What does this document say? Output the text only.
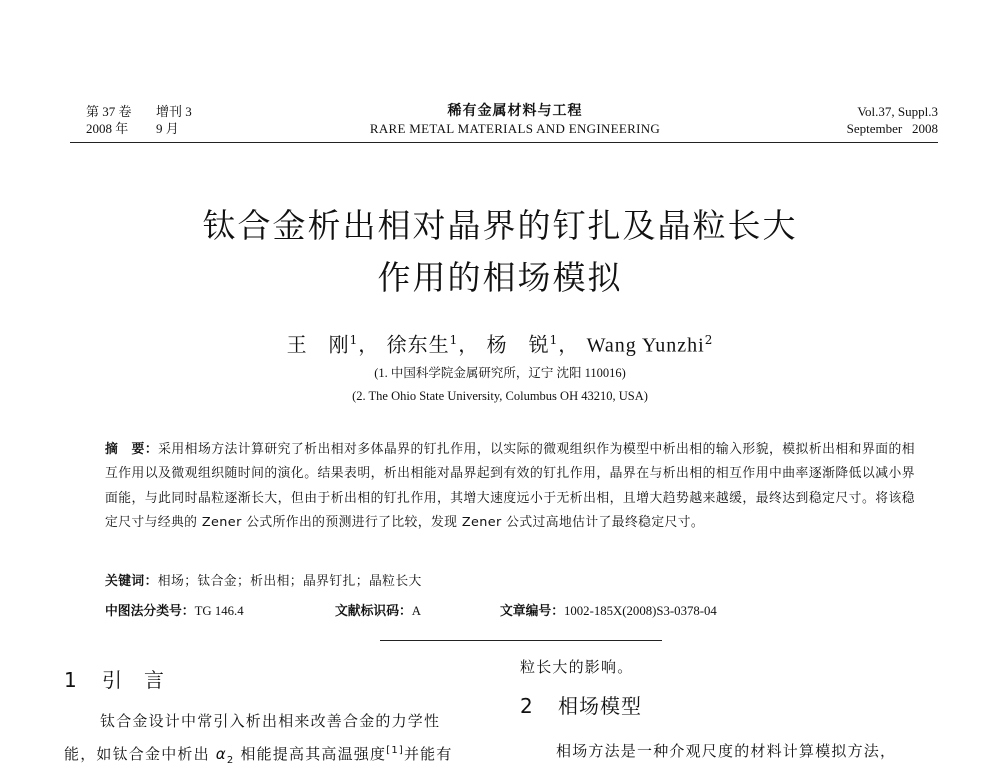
第 37 卷 增刊 3
2008 年 9 月
稀有金属材料与工程
RARE METAL MATERIALS AND ENGINEERING
Vol.37, Suppl.3
September   2008
钛合金析出相对晶界的钉扎及晶粒长大
作用的相场模拟
王　刚$^1$， 徐东生$^1$， 杨　锐$^1$， Wang Yunzhi$^2$
(1. 中国科学院金属研究所，辽宁 沈阳 110016)
(2. The Ohio State University, Columbus OH 43210, USA)
摘　要：采用相场方法计算研究了析出相对多体晶界的钉扎作用，以实际的微观组织作为模型中析出相的输入形貌，模拟析出相和界面的相互作用以及微观组织随时间的演化。结果表明，析出相能对晶界起到有效的钉扎作用，晶界在与析出相的相互作用中曲率逐渐降低以减小界面能，与此同时晶粒逐渐长大，但由于析出相的钉扎作用，其增大速度远小于无析出相，且增大趋势越来越缓，最终达到稳定尺寸。将该稳定尺寸与经典的 Zener 公式所作出的预测进行了比较，发现 Zener 公式过高地估计了最终稳定尺寸。
关键词：相场；钛合金；析出相；晶界钉扎；晶粒长大
中图法分类号：TG 146.4	文献标识码：A	文章编号：1002-185X(2008)S3-0378-04
1 引　言
钛合金设计中常引入析出相来改善合金的力学性
能，如钛合金中析出 $\alpha_2$ 相能提高其高温强度[1]并能有
粒长大的影响。
2 相场模型
相场方法是一种介观尺度的材料计算模拟方法，
